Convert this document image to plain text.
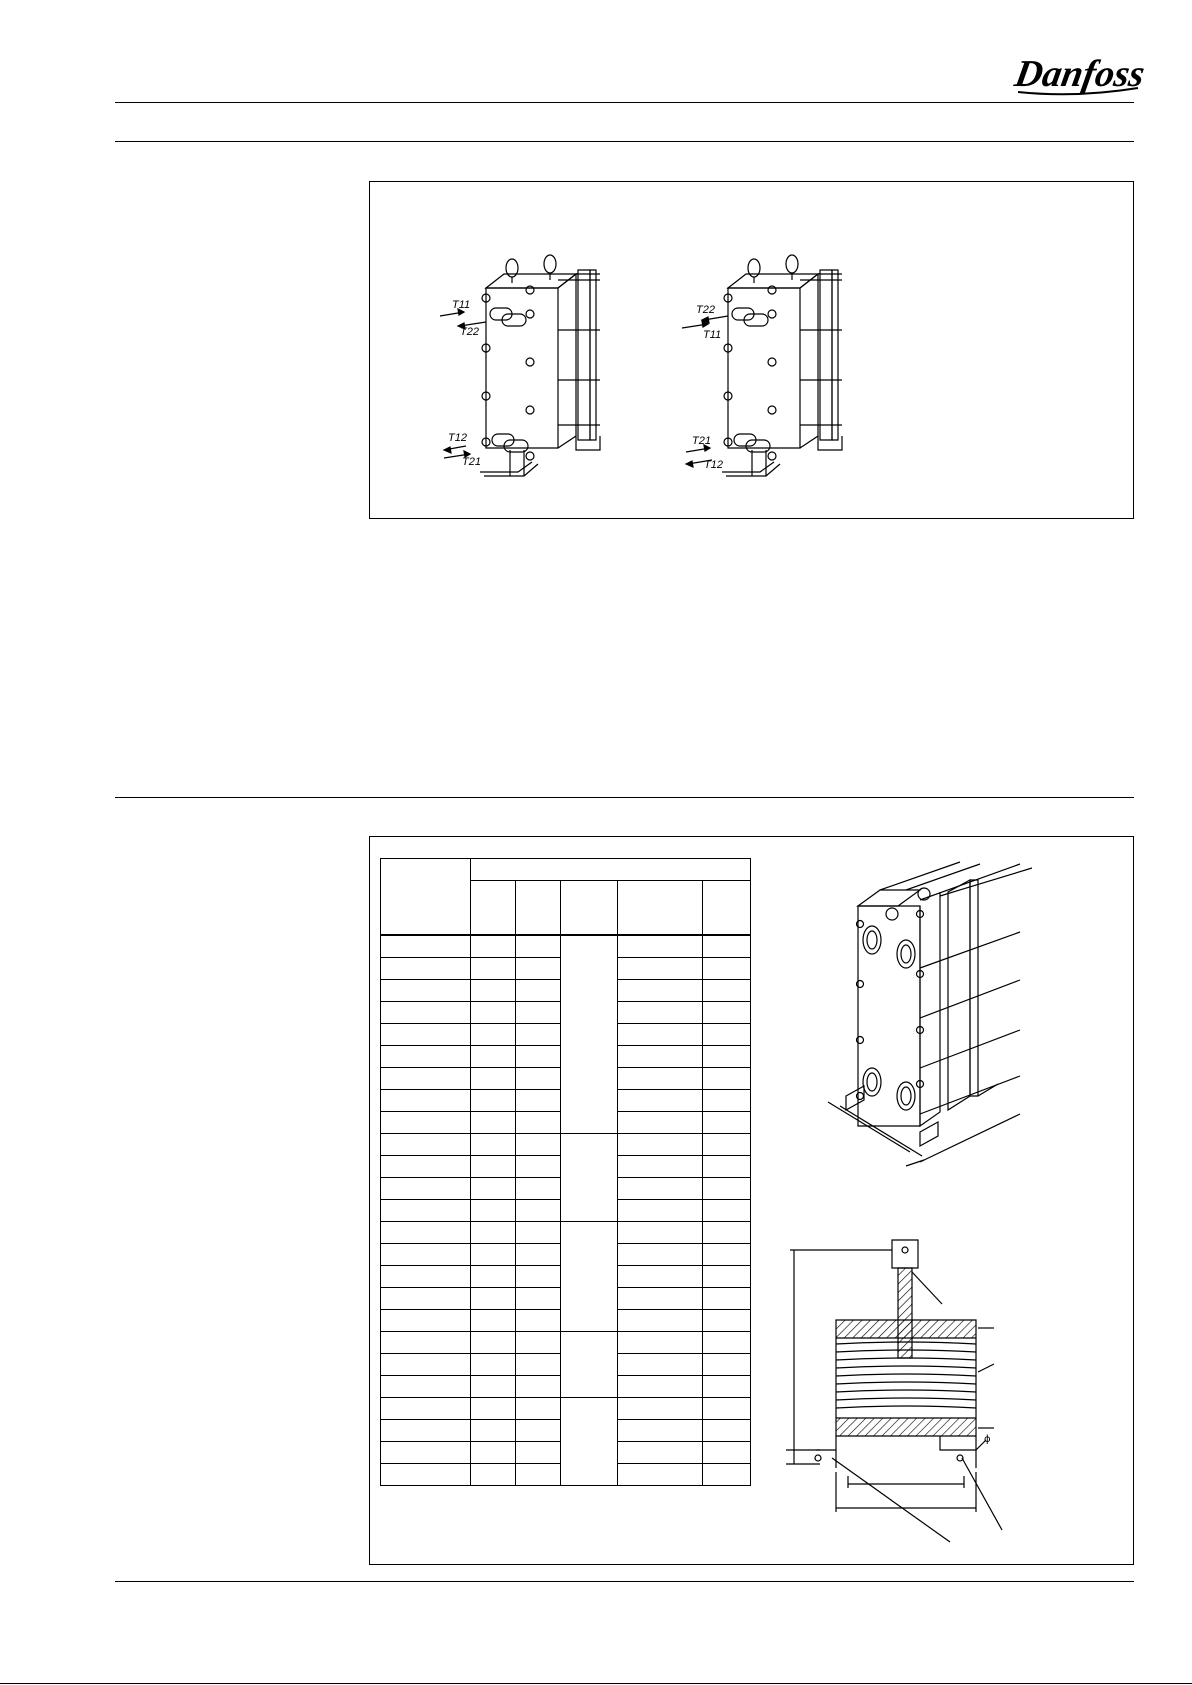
Danfoss
T11
T22
T12
T21
T22
T11
T21
T12

ϕ
